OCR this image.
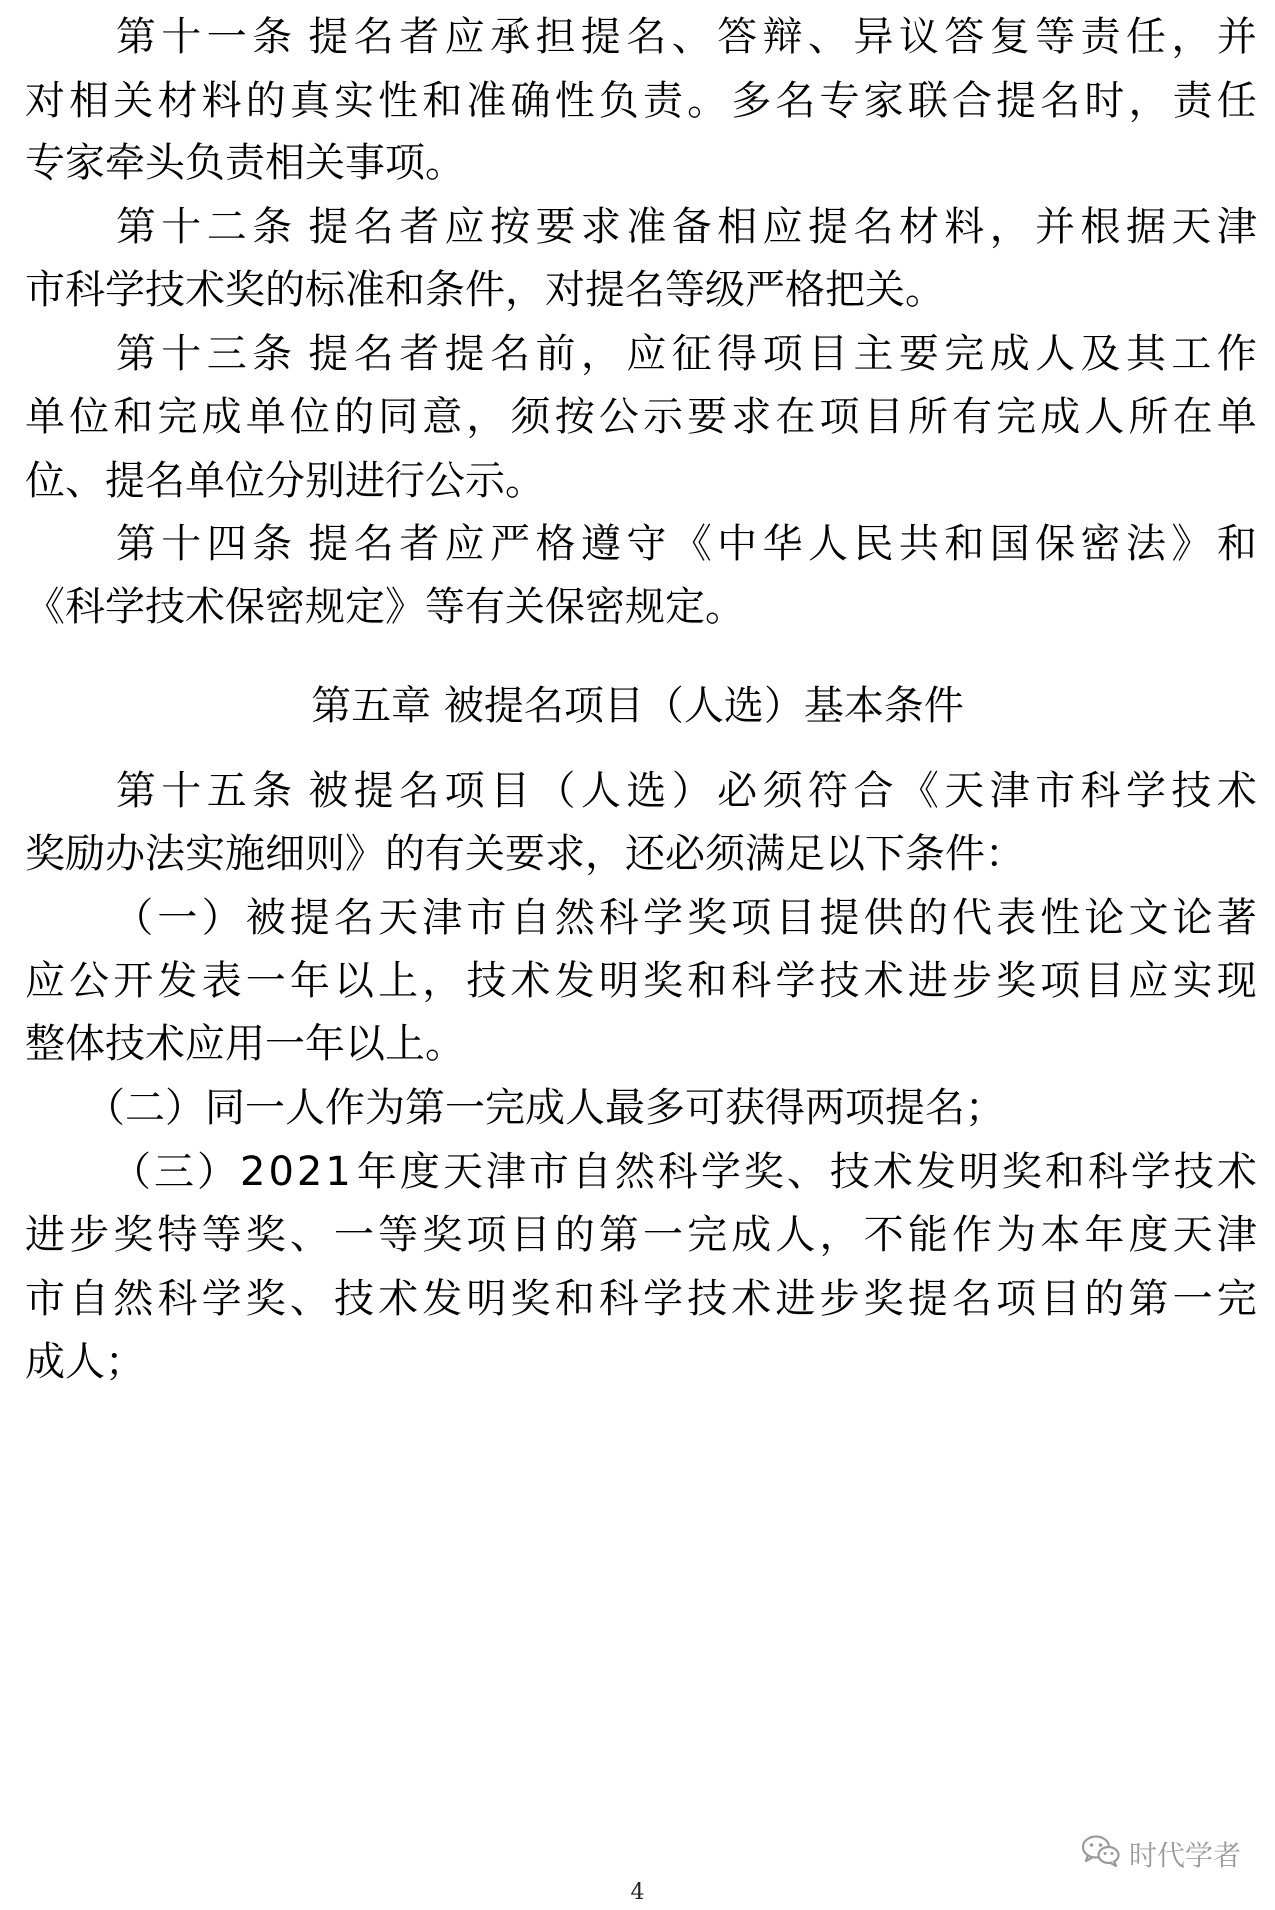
第 十 一 条 提 名 者 应 承 担 提 名 、 答 辩 、 异 议 答 复 等 责 任 ， 并
对 相 关 材 料 的 真 实 性 和 准 确 性 负 责 。 多 名 专 家 联 合 提 名 时 ， 责 任
专家牵头负责相关事项。

第 十 二 条 提 名 者 应 按 要 求 准 备 相 应 提 名 材 料 ， 并 根 据 天 津
市科学技术奖的标准和条件，对提名等级严格把关。

第 十 三 条 提 名 者 提 名 前 ， 应 征 得 项 目 主 要 完 成 人 及 其 工 作
单 位 和 完 成 单 位 的 同 意 ， 须 按 公 示 要 求 在 项 目 所 有 完 成 人 所 在 单
位、提名单位分别进行公示。

第 十 四 条 提 名 者 应 严 格 遵 守 《 中 华 人 民 共 和 国 保 密 法 》 和
《科学技术保密规定》等有关保密规定。
第五章 被提名项目（人选）基本条件

第 十 五 条 被 提 名 项 目 （ 人 选 ） 必 须 符 合 《 天 津 市 科 学 技 术
奖励办法实施细则》的有关要求，还必须满足以下条件：

（ 一 ） 被 提 名 天 津 市 自 然 科 学 奖 项 目 提 供 的 代 表 性 论 文 论 著
应 公 开 发 表 一 年 以 上 ， 技 术 发 明 奖 和 科 学 技 术 进 步 奖 项 目 应 实 现
整体技术应用一年以上。
　　（二）同一人作为第一完成人最多可获得两项提名；

（ 三 ） 2 0 2 1 年 度 天 津 市 自 然 科 学 奖 、 技 术 发 明 奖 和 科 学 技 术
进 步 奖 特 等 奖 、 一 等 奖 项 目 的 第 一 完 成 人 ， 不 能 作 为 本 年 度 天 津
市 自 然 科 学 奖 、 技 术 发 明 奖 和 科 学 技 术 进 步 奖 提 名 项 目 的 第 一 完
成人；
时代学者
4
